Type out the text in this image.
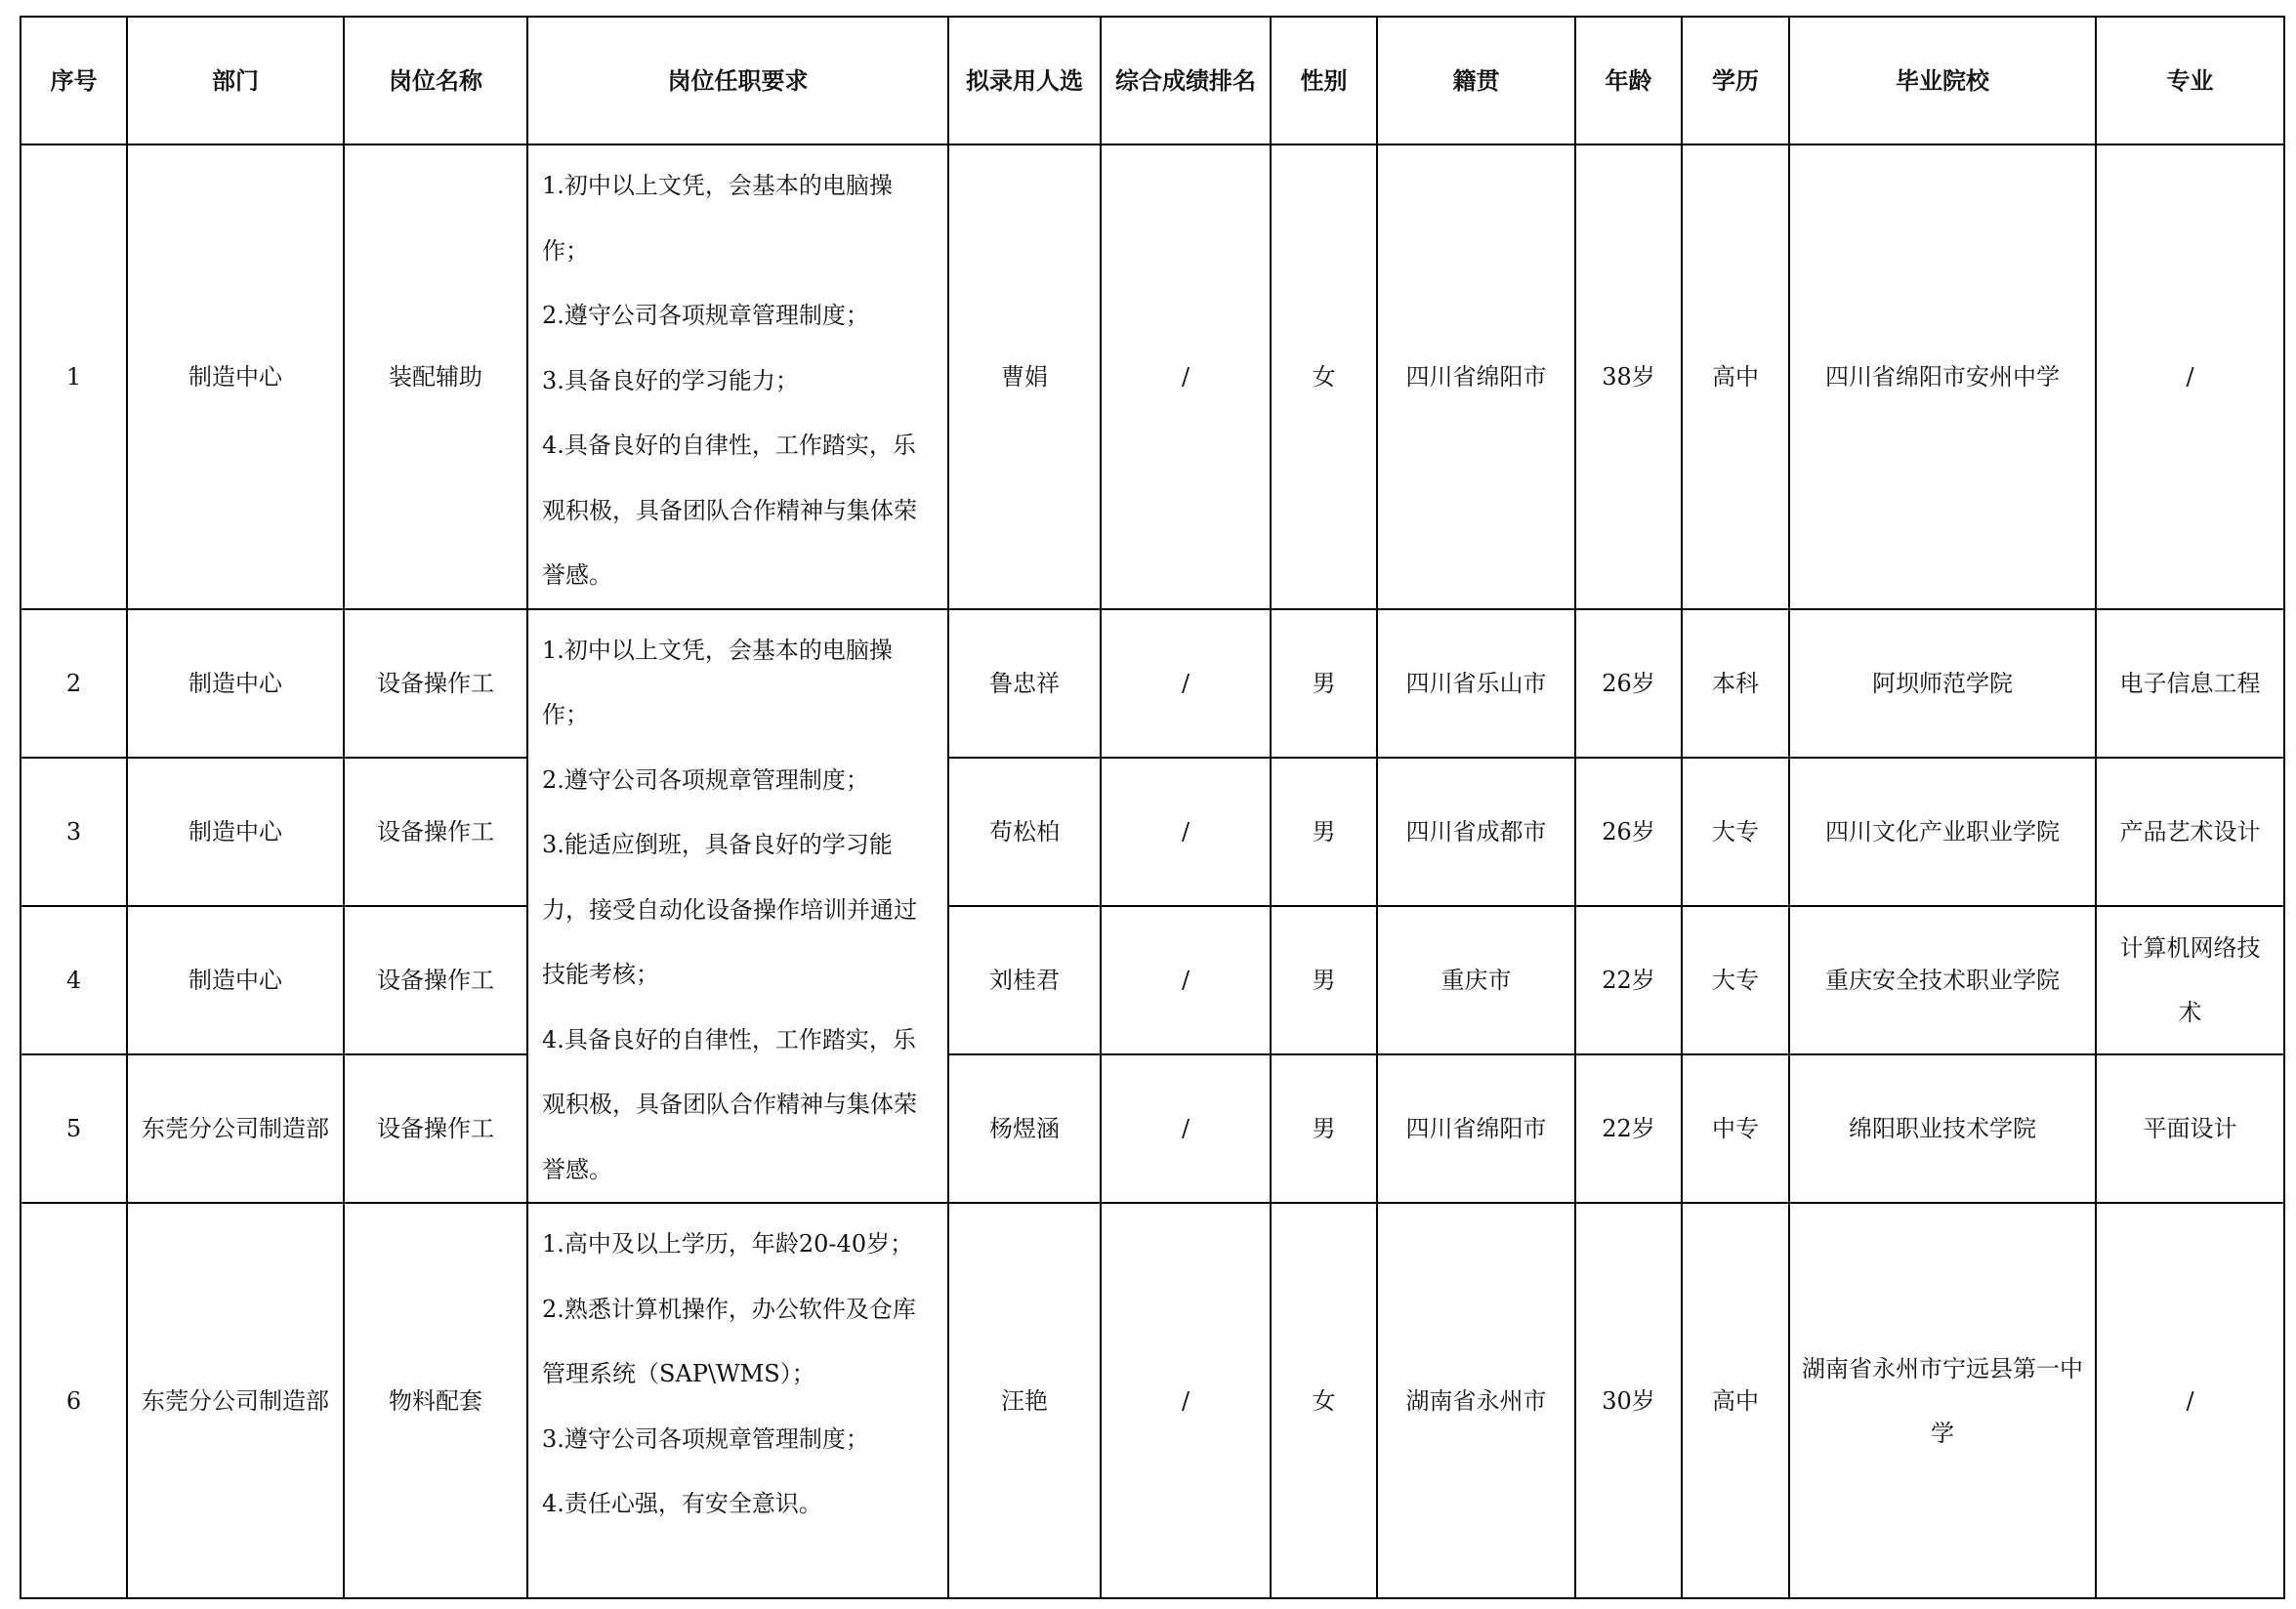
序号	部门	岗位名称	岗位任职要求	拟录用人选	综合成绩排名	性别	籍贯	年龄	学历	毕业院校	专业
1	制造中心	装配辅助	1.初中以上文凭，会基本的电脑操作；
2.遵守公司各项规章管理制度；
3.具备良好的学习能力；
4.具备良好的自律性，工作踏实，乐观积极，具备团队合作精神与集体荣誉感。	曹娟	/	女	四川省绵阳市	38岁	高中	四川省绵阳市安州中学	/
2	制造中心	设备操作工	1.初中以上文凭，会基本的电脑操作；
2.遵守公司各项规章管理制度；
3.能适应倒班，具备良好的学习能力，接受自动化设备操作培训并通过技能考核；
4.具备良好的自律性，工作踏实，乐观积极，具备团队合作精神与集体荣誉感。	鲁忠祥	/	男	四川省乐山市	26岁	本科	阿坝师范学院	电子信息工程
3	制造中心	设备操作工		苟松柏	/	男	四川省成都市	26岁	大专	四川文化产业职业学院	产品艺术设计
4	制造中心	设备操作工		刘桂君	/	男	重庆市	22岁	大专	重庆安全技术职业学院	计算机网络技术
5	东莞分公司制造部	设备操作工		杨煜涵	/	男	四川省绵阳市	22岁	中专	绵阳职业技术学院	平面设计
6	东莞分公司制造部	物料配套	1.高中及以上学历，年龄20-40岁；
2.熟悉计算机操作，办公软件及仓库管理系统（SAP\WMS）；
3.遵守公司各项规章管理制度；
4.责任心强，有安全意识。	汪艳	/	女	湖南省永州市	30岁	高中	湖南省永州市宁远县第一中学	/
